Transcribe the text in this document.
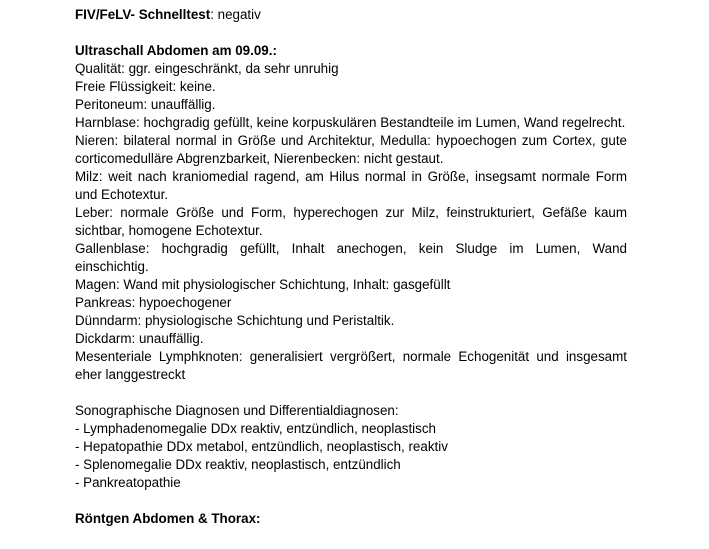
FIV/FeLV- Schnelltest: negativ
Ultraschall Abdomen am 09.09.:
Qualität: ggr. eingeschränkt, da sehr unruhig
Freie Flüssigkeit: keine.
Peritoneum: unauffällig.
Harnblase: hochgradig gefüllt, keine korpuskulären Bestandteile im Lumen, Wand regelrecht.
Nieren: bilateral normal in Größe und Architektur, Medulla: hypoechogen zum Cortex, gute corticomedulläre Abgrenzbarkeit, Nierenbecken: nicht gestaut.
Milz: weit nach kraniomedial ragend, am Hilus normal in Größe, insegsamt normale Form und Echotextur.
Leber: normale Größe und Form, hyperechogen zur Milz, feinstrukturiert, Gefäße kaum sichtbar, homogene Echotextur.
Gallenblase: hochgradig gefüllt, Inhalt anechogen, kein Sludge im Lumen, Wand einschichtig.
Magen: Wand mit physiologischer Schichtung, Inhalt: gasgefüllt
Pankreas: hypoechogener
Dünndarm: physiologische Schichtung und Peristaltik.
Dickdarm: unauffällig.
Mesenteriale Lymphknoten: generalisiert vergrößert, normale Echogenität und insgesamt eher langgestreckt
Sonographische Diagnosen und Differentialdiagnosen:
- Lymphadenomegalie DDx reaktiv, entzündlich, neoplastisch
- Hepatopathie DDx metabol, entzündlich, neoplastisch, reaktiv
- Splenomegalie DDx reaktiv, neoplastisch, entzündlich
- Pankreatopathie
Röntgen Abdomen & Thorax:
